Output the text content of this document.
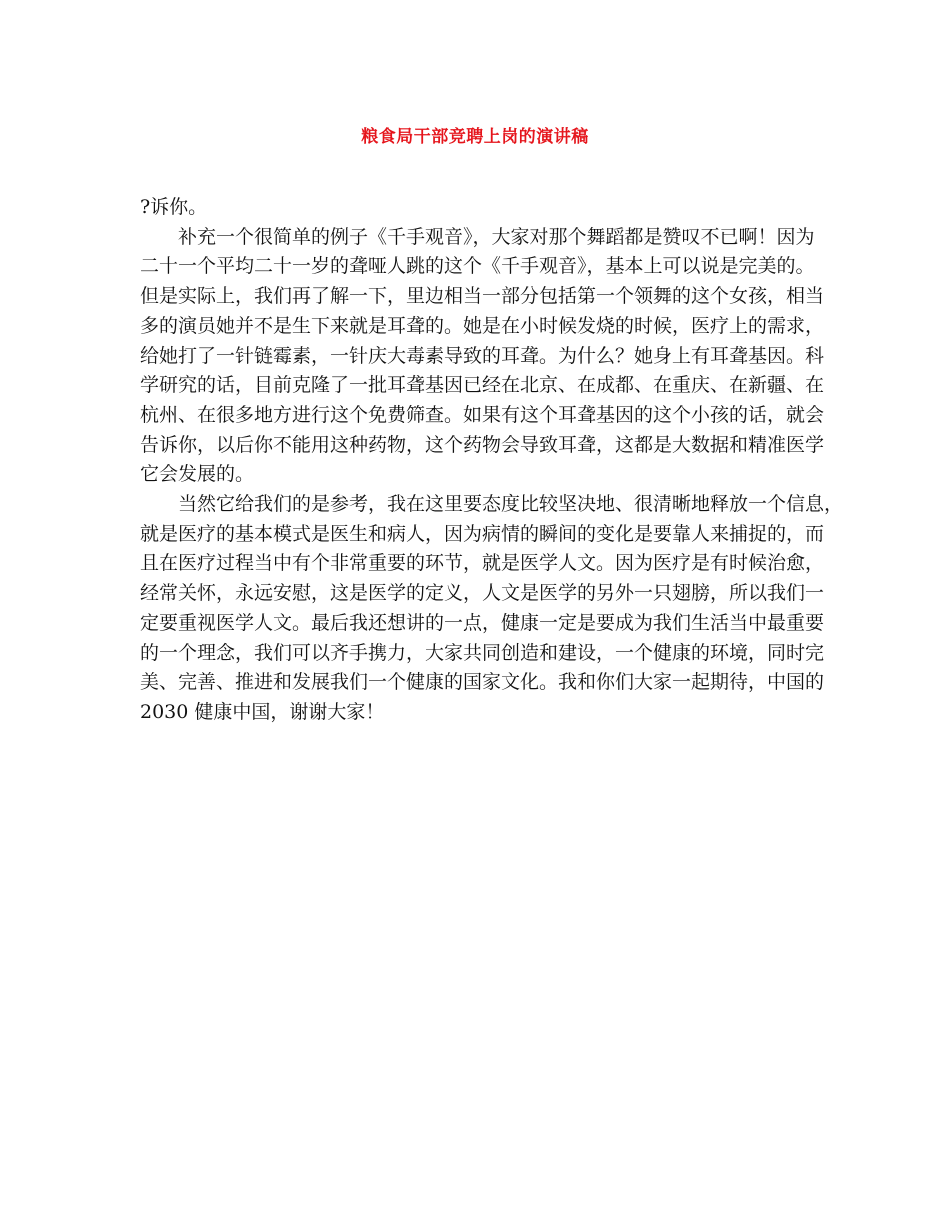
粮食局干部竞聘上岗的演讲稿
?诉你。
补充一个很简单的例子《千手观音》，大家对那个舞蹈都是赞叹不已啊！因为
二十一个平均二十一岁的聋哑人跳的这个《千手观音》，基本上可以说是完美的。
但是实际上，我们再了解一下，里边相当一部分包括第一个领舞的这个女孩，相当
多的演员她并不是生下来就是耳聋的。她是在小时候发烧的时候，医疗上的需求，
给她打了一针链霉素，一针庆大毒素导致的耳聋。为什么？她身上有耳聋基因。科
学研究的话，目前克隆了一批耳聋基因已经在北京、在成都、在重庆、在新疆、在
杭州、在很多地方进行这个免费筛查。如果有这个耳聋基因的这个小孩的话，就会
告诉你，以后你不能用这种药物，这个药物会导致耳聋，这都是大数据和精准医学
它会发展的。
当然它给我们的是参考，我在这里要态度比较坚决地、很清晰地释放一个信息，
就是医疗的基本模式是医生和病人，因为病情的瞬间的变化是要靠人来捕捉的，而
且在医疗过程当中有个非常重要的环节，就是医学人文。因为医疗是有时候治愈，
经常关怀，永远安慰，这是医学的定义，人文是医学的另外一只翅膀，所以我们一
定要重视医学人文。最后我还想讲的一点，健康一定是要成为我们生活当中最重要
的一个理念，我们可以齐手携力，大家共同创造和建设，一个健康的环境，同时完
美、完善、推进和发展我们一个健康的国家文化。我和你们大家一起期待，中国的
2030 健康中国，谢谢大家！
